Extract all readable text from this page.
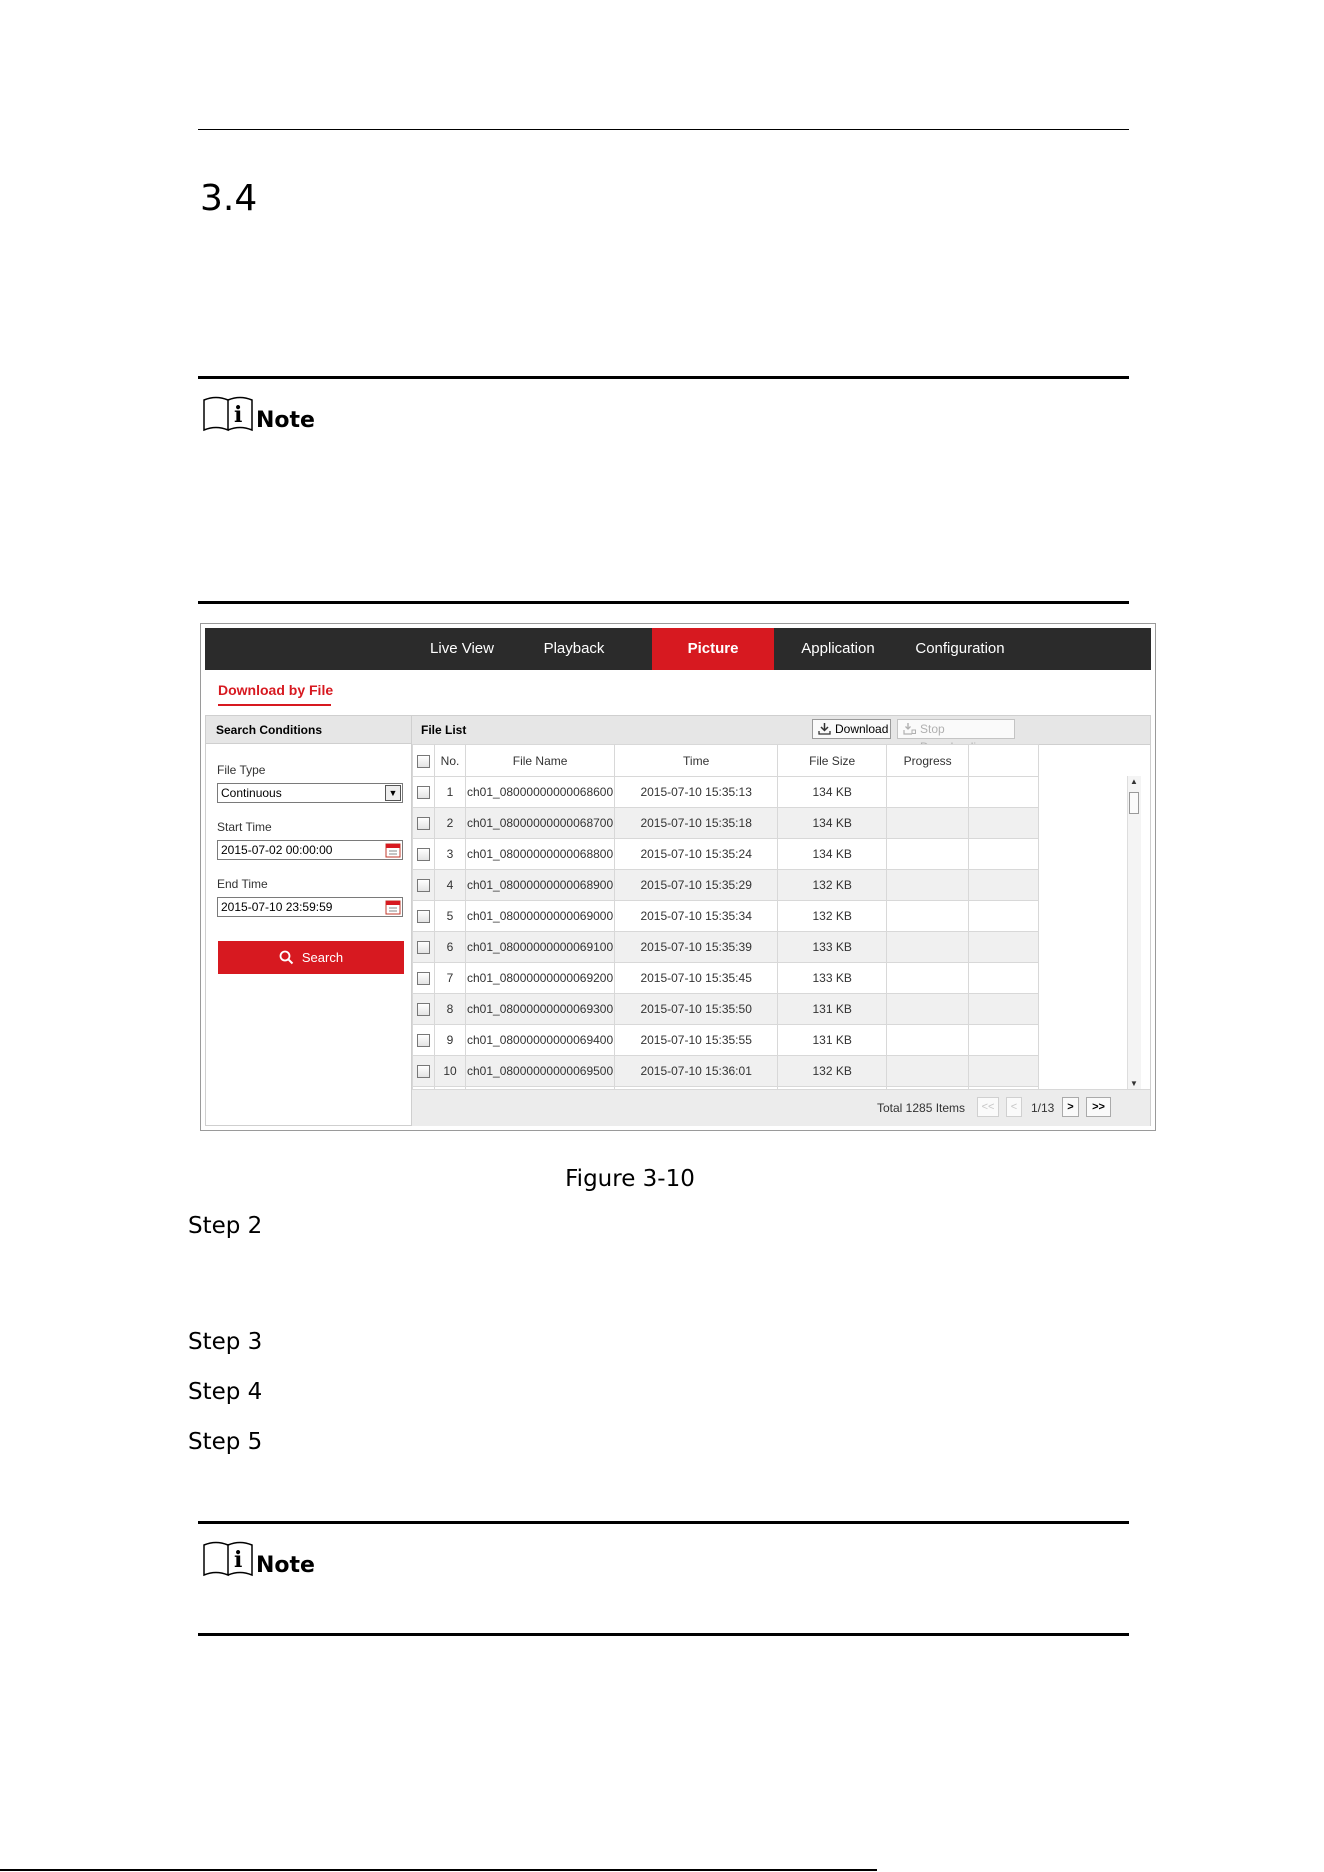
3.4
i Note
Live View	Playback	Picture	Application	Configuration
Download by File
Search Conditions
File Type
Continuous	▼
Start Time
2015-07-02 00:00:00
End Time
2015-07-10 23:59:59
Search
File List	Download	Stop
	No.	File Name	Time	File Size	Progress	
	1	ch01_08000000000068600	2015-07-10 15:35:13	134 KB		
	2	ch01_08000000000068700	2015-07-10 15:35:18	134 KB		
	3	ch01_08000000000068800	2015-07-10 15:35:24	134 KB		
	4	ch01_08000000000068900	2015-07-10 15:35:29	132 KB		
	5	ch01_08000000000069000	2015-07-10 15:35:34	132 KB		
	6	ch01_08000000000069100	2015-07-10 15:35:39	133 KB		
	7	ch01_08000000000069200	2015-07-10 15:35:45	133 KB		
	8	ch01_08000000000069300	2015-07-10 15:35:50	131 KB		
	9	ch01_08000000000069400	2015-07-10 15:35:55	131 KB		
	10	ch01_08000000000069500	2015-07-10 15:36:01	132 KB		

▲
▼
Total 1285 Items	<<	<	1/13	>	>>
Figure 3-10
Step 2
Step 3
Step 4
Step 5
i Note
